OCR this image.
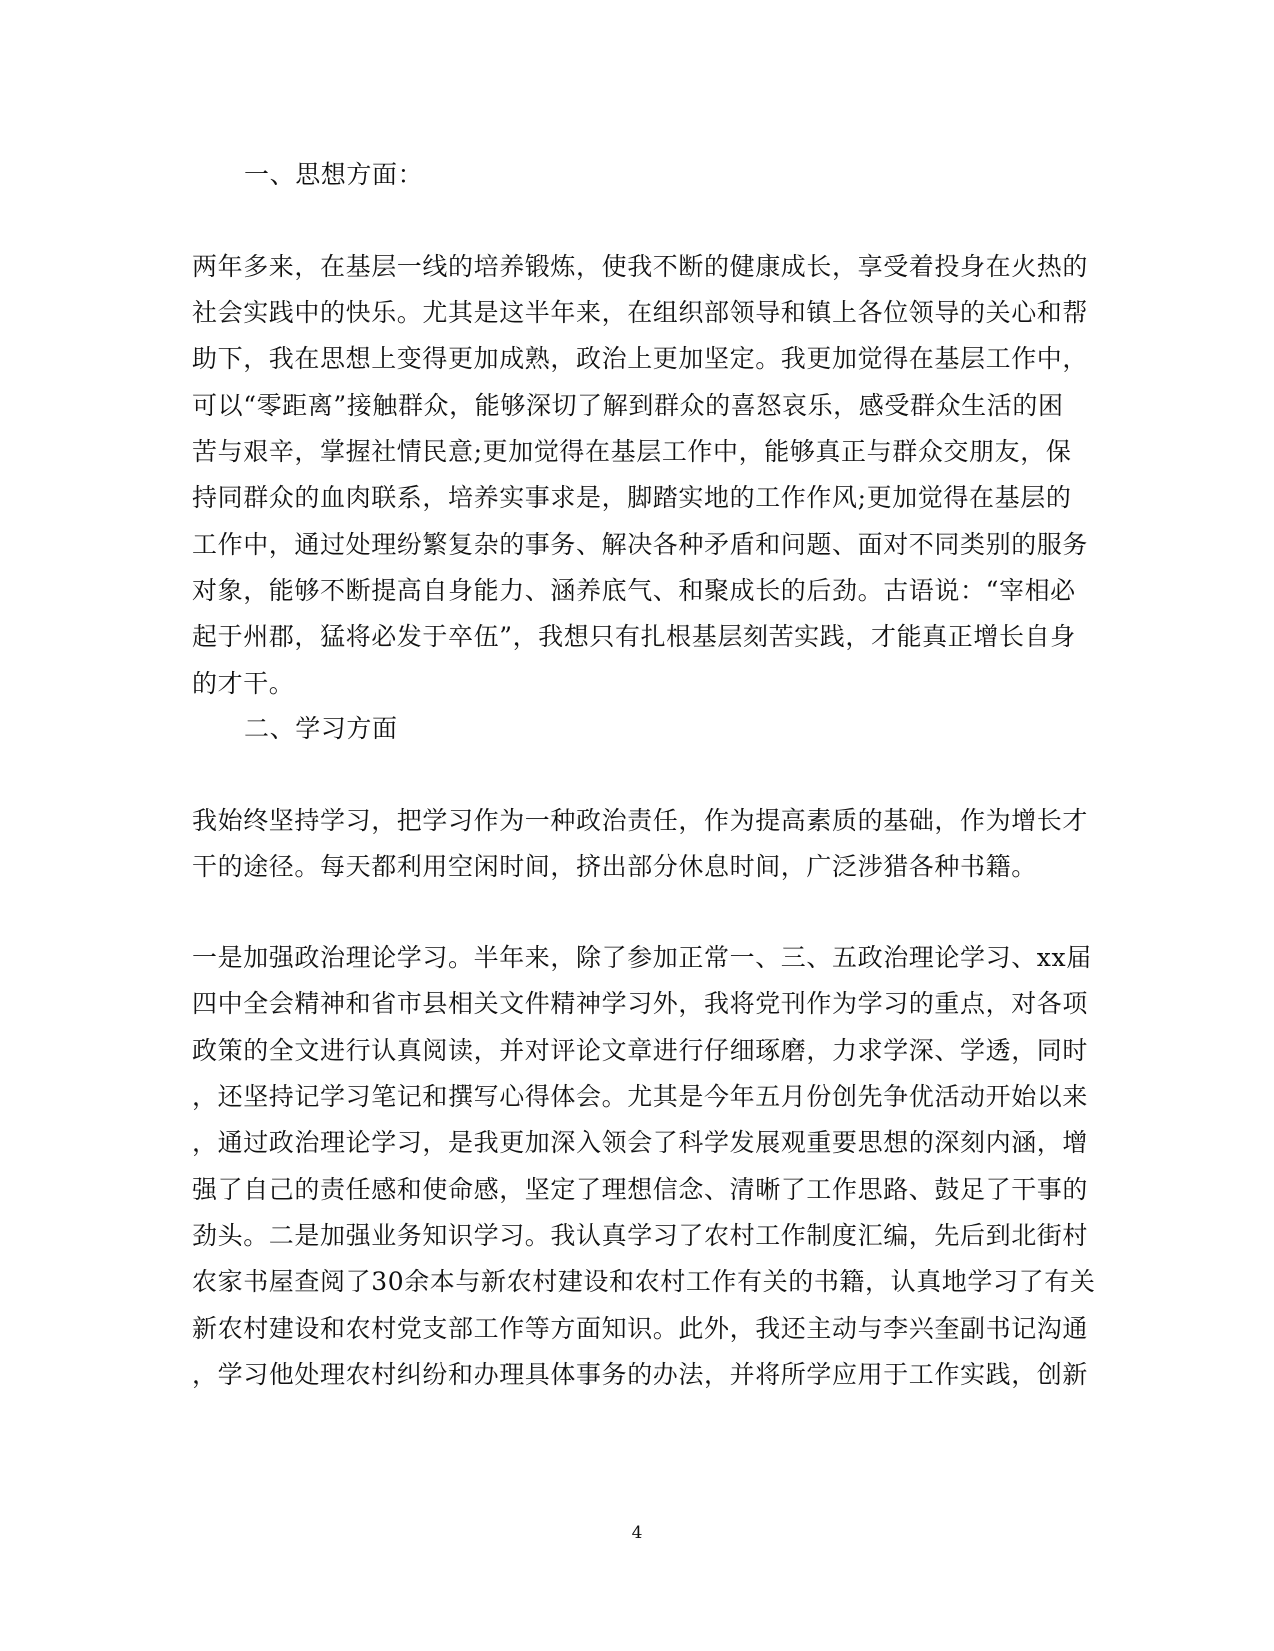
一、思想方面：
两年多来，在基层一线的培养锻炼，使我不断的健康成长，享受着投身在火热的
社会实践中的快乐。尤其是这半年来，在组织部领导和镇上各位领导的关心和帮
助下，我在思想上变得更加成熟，政治上更加坚定。我更加觉得在基层工作中，
可以“零距离”接触群众，能够深切了解到群众的喜怒哀乐，感受群众生活的困
苦与艰辛，掌握社情民意;更加觉得在基层工作中，能够真正与群众交朋友，保
持同群众的血肉联系，培养实事求是，脚踏实地的工作作风;更加觉得在基层的
工作中，通过处理纷繁复杂的事务、解决各种矛盾和问题、面对不同类别的服务
对象，能够不断提高自身能力、涵养底气、和聚成长的后劲。古语说：“宰相必
起于州郡，猛将必发于卒伍”，我想只有扎根基层刻苦实践，才能真正增长自身
的才干。
二、学习方面
我始终坚持学习，把学习作为一种政治责任，作为提高素质的基础，作为增长才
干的途径。每天都利用空闲时间，挤出部分休息时间，广泛涉猎各种书籍。
一是加强政治理论学习。半年来，除了参加正常一、三、五政治理论学习、xx届
四中全会精神和省市县相关文件精神学习外，我将党刊作为学习的重点，对各项
政策的全文进行认真阅读，并对评论文章进行仔细琢磨，力求学深、学透，同时
，还坚持记学习笔记和撰写心得体会。尤其是今年五月份创先争优活动开始以来
，通过政治理论学习，是我更加深入领会了科学发展观重要思想的深刻内涵，增
强了自己的责任感和使命感，坚定了理想信念、清晰了工作思路、鼓足了干事的
劲头。二是加强业务知识学习。我认真学习了农村工作制度汇编，先后到北街村
农家书屋查阅了30余本与新农村建设和农村工作有关的书籍，认真地学习了有关
新农村建设和农村党支部工作等方面知识。此外，我还主动与李兴奎副书记沟通
，学习他处理农村纠纷和办理具体事务的办法，并将所学应用于工作实践，创新
4
